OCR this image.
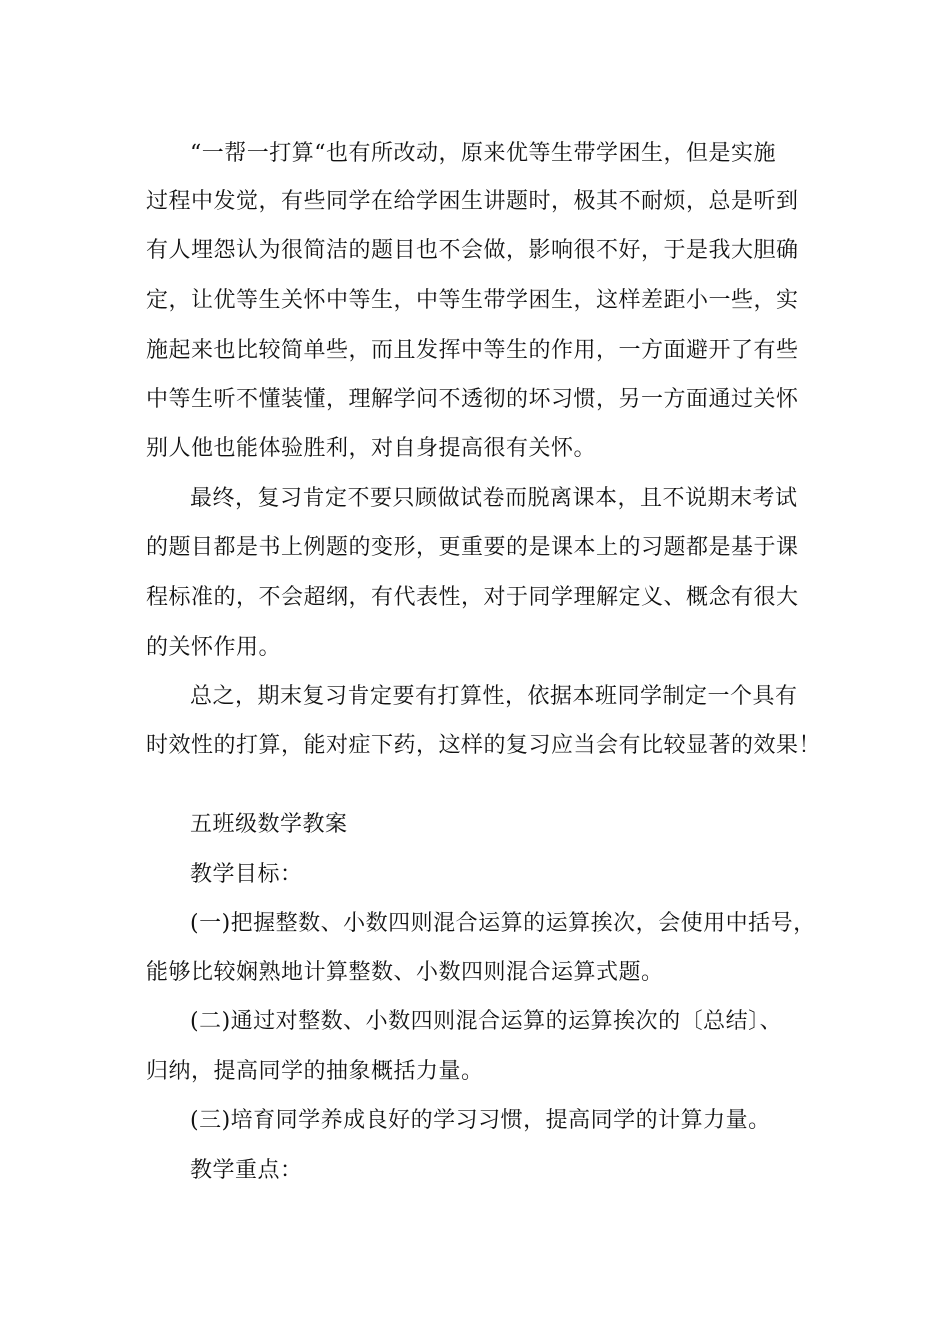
“一帮一打算“也有所改动，原来优等生带学困生，但是实施
过程中发觉，有些同学在给学困生讲题时，极其不耐烦，总是听到
有人埋怨认为很简洁的题目也不会做，影响很不好，于是我大胆确
定，让优等生关怀中等生，中等生带学困生，这样差距小一些，实
施起来也比较简单些，而且发挥中等生的作用，一方面避开了有些
中等生听不懂装懂，理解学问不透彻的坏习惯，另一方面通过关怀
别人他也能体验胜利，对自身提高很有关怀。
最终，复习肯定不要只顾做试卷而脱离课本，且不说期末考试
的题目都是书上例题的变形，更重要的是课本上的习题都是基于课
程标准的，不会超纲，有代表性，对于同学理解定义、概念有很大
的关怀作用。
总之，期末复习肯定要有打算性，依据本班同学制定一个具有
时效性的打算，能对症下药，这样的复习应当会有比较显著的效果！
五班级数学教案
教学目标：
(一)把握整数、小数四则混合运算的运算挨次，会使用中括号，
能够比较娴熟地计算整数、小数四则混合运算式题。
(二)通过对整数、小数四则混合运算的运算挨次的〔总结〕、
归纳，提高同学的抽象概括力量。
(三)培育同学养成良好的学习习惯，提高同学的计算力量。
教学重点：
